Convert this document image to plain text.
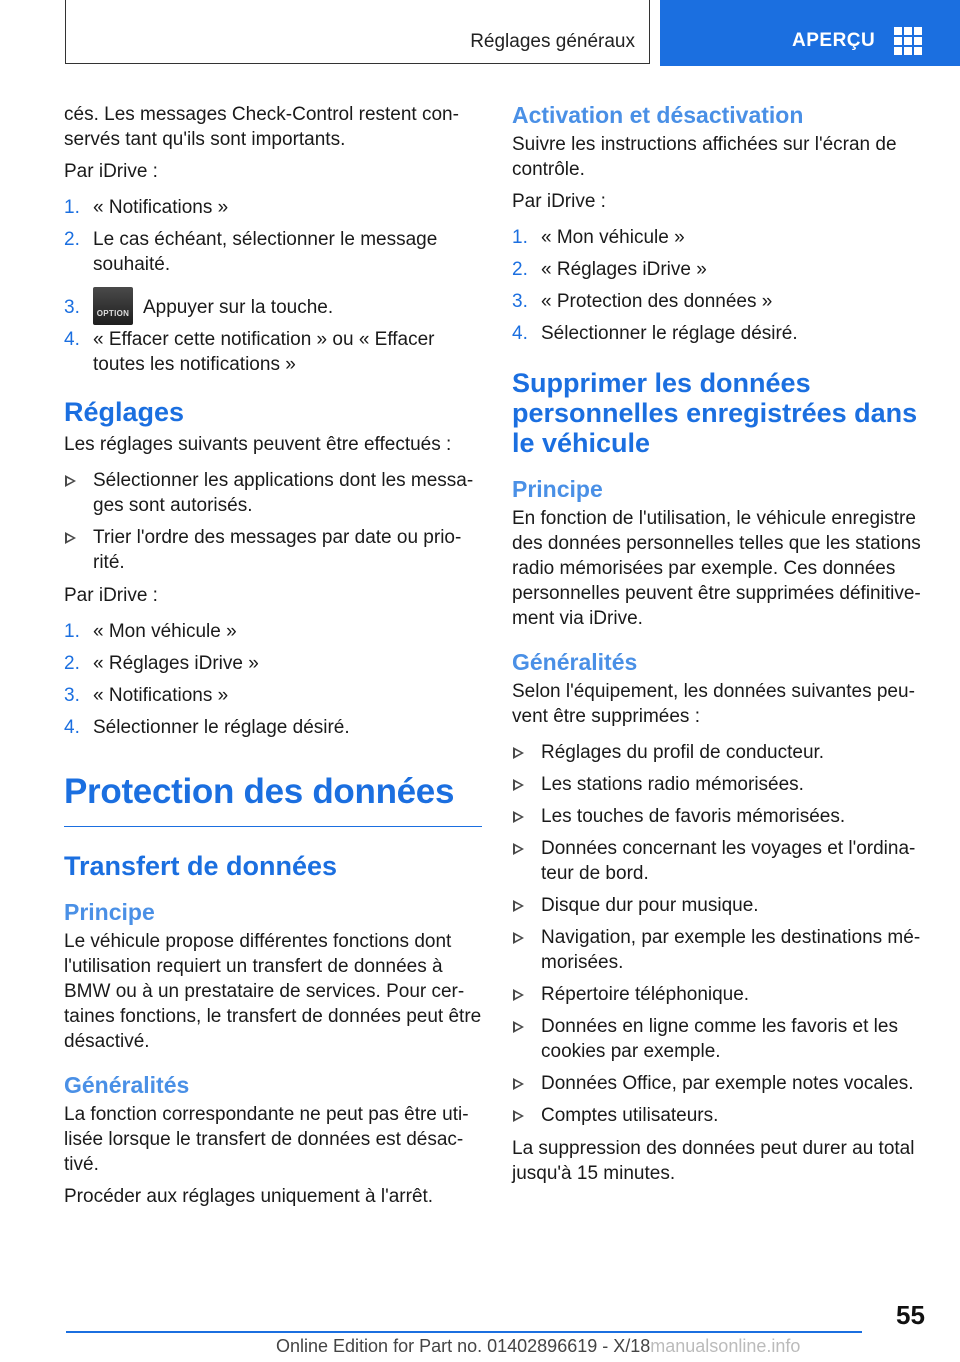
Réglages généraux	APERÇU

cés. Les messages Check-Control restent conservés tant qu'ils sont importants.

Par iDrive :

1. « Notifications »
2. Le cas échéant, sélectionner le message souhaité.
3.	OPTION Appuyer sur la touche.
4. « Effacer cette notification » ou « Effacer toutes les notifications »
Réglages

Les réglages suivants peuvent être effectués :

Sélectionner les applications dont les messages sont autorisés.
Trier l'ordre des messages par date ou priorité.

Par iDrive :

1. « Mon véhicule »
2. « Réglages iDrive »
3. « Notifications »
4. Sélectionner le réglage désiré.
Protection des données
Transfert de données
Principe

Le véhicule propose différentes fonctions dont l'utilisation requiert un transfert de données à BMW ou à un prestataire de services. Pour certaines fonctions, le transfert de données peut être désactivé.

Généralités

La fonction correspondante ne peut pas être utilisée lorsque le transfert de données est désactivé.

Procéder aux réglages uniquement à l'arrêt.

Activation et désactivation

Suivre les instructions affichées sur l'écran de contrôle.

Par iDrive :

1. « Mon véhicule »
2. « Réglages iDrive »
3. « Protection des données »
4. Sélectionner le réglage désiré.
Supprimer les données personnelles enregistrées dans le véhicule
Principe

En fonction de l'utilisation, le véhicule enregistre des données personnelles telles que les stations radio mémorisées par exemple. Ces données personnelles peuvent être supprimées définitivement via iDrive.

Généralités

Selon l'équipement, les données suivantes peuvent être supprimées :

Réglages du profil de conducteur.
Les stations radio mémorisées.
Les touches de favoris mémorisées.
Données concernant les voyages et l'ordinateur de bord.
Disque dur pour musique.
Navigation, par exemple les destinations mémorisées.
Répertoire téléphonique.
Données en ligne comme les favoris et les cookies par exemple.
Données Office, par exemple notes vocales.
Comptes utilisateurs.

La suppression des données peut durer au total jusqu'à 15 minutes.

55
Online Edition for Part no. 01402896619 - X/18manualsonline.info
